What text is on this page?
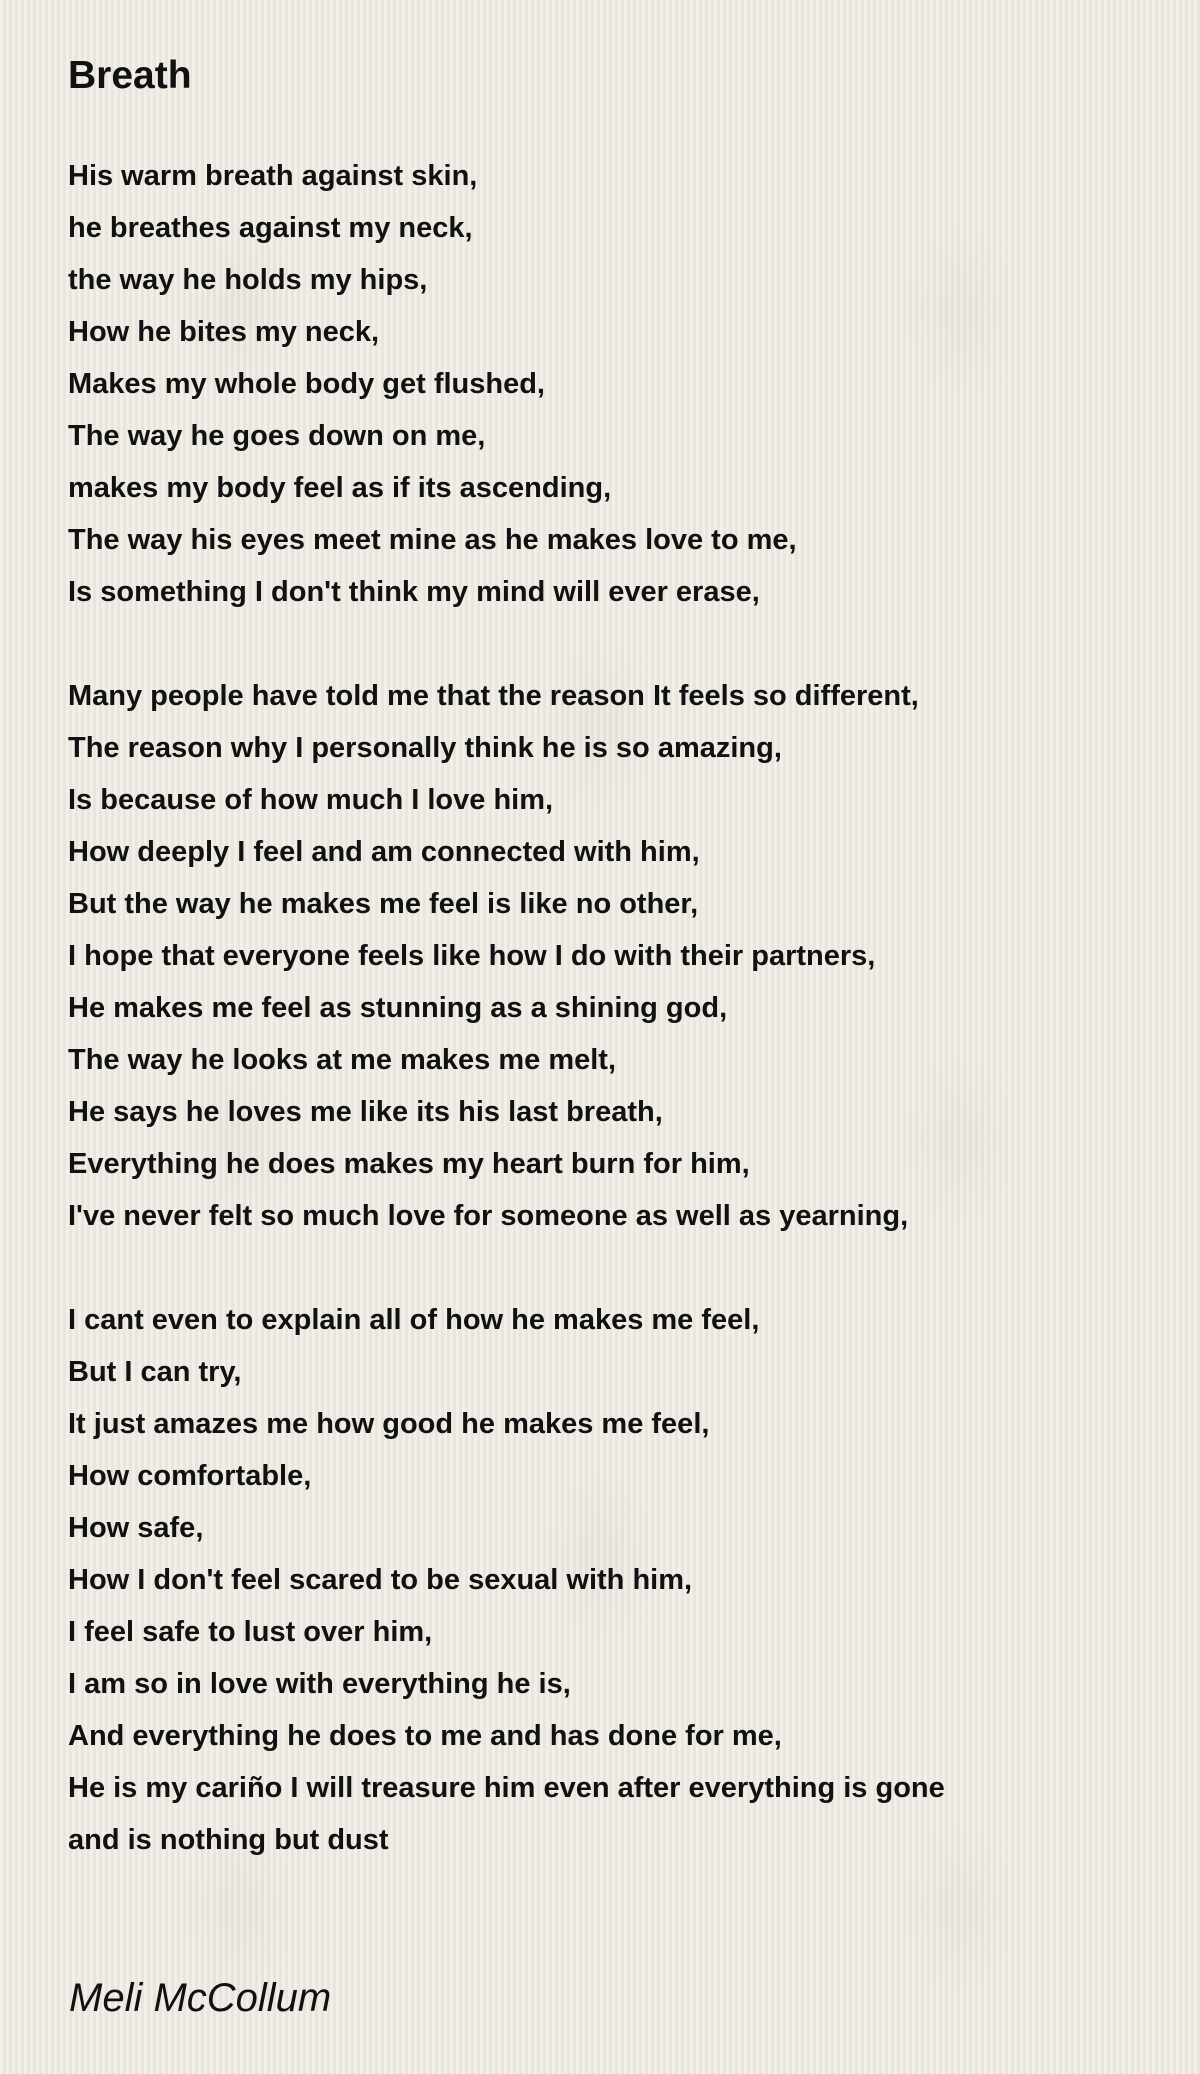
Breath
His warm breath against skin,
he breathes against my neck,
the way he holds my hips,
How he bites my neck,
Makes my whole body get flushed,
The way he goes down on me,
makes my body feel as if its ascending,
The way his eyes meet mine as he makes love to me,
Is something I don't think my mind will ever erase,
Many people have told me that the reason It feels so different,
The reason why I personally think he is so amazing,
Is because of how much I love him,
How deeply I feel and am connected with him,
But the way he makes me feel is like no other,
I hope that everyone feels like how I do with their partners,
He makes me feel as stunning as a shining god,
The way he looks at me makes me melt,
He says he loves me like its his last breath,
Everything he does makes my heart burn for him,
I've never felt so much love for someone as well as yearning,
I cant even to explain all of how he makes me feel,
But I can try,
It just amazes me how good he makes me feel,
How comfortable,
How safe,
How I don't feel scared to be sexual with him,
I feel safe to lust over him,
I am so in love with everything he is,
And everything he does to me and has done for me,
He is my cariño I will treasure him even after everything is gone
and is nothing but dust
Meli McCollum
